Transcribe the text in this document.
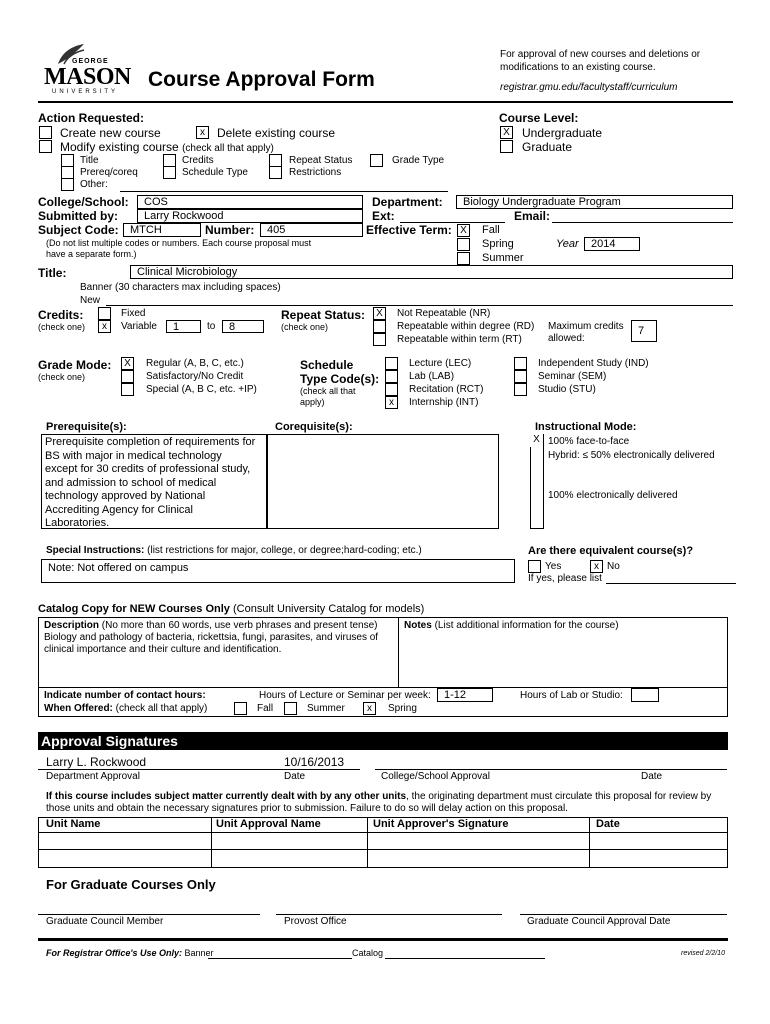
GEORGE
MASON
UNIVERSITY
Course Approval Form
For approval of new courses and deletions or
modifications to an existing course.
registrar.gmu.edu/facultystaff/curriculum
Action Requested:
Create new course	x	Delete existing course
Modify existing course (check all that apply)
Title	Credits	Repeat Status	Grade Type
Prereq/coreq	Schedule Type	Restrictions
Other:
Course Level:
X Undergraduate
Graduate
College/School:	COS
Submitted by:	Larry Rockwood
Subject Code:	MTCH	Number:	405
(Do not list multiple codes or numbers. Each course proposal must
have a separate form.)
Department:	Biology Undergraduate Program
Ext:	Email:
Effective Term: X Fall
Spring
Summer
Year	2014
Title:	Clinical Microbiology
Banner (30 characters max including spaces)
New
Credits:
(check one)
Fixed
x	Variable	1	to	8
Repeat Status:
(check one)
X	Not Repeatable (NR)
Repeatable within degree (RD)
Repeatable within term (RT)
Maximum credits
allowed:
7
Grade Mode:
(check one)
X	Regular (A, B, C, etc.)
Satisfactory/No Credit
Special (A, B C, etc. +IP)
Schedule
Type Code(s):
(check all that
apply)
Lecture (LEC)
Lab (LAB)
Recitation (RCT)
x	Internship (INT)
Independent Study (IND)
Seminar (SEM)
Studio (STU)
Prerequisite(s):	Corequisite(s):
Prerequisite completion of requirements for
BS with major in medical technology
except for 30 credits of professional study,
and admission to school of medical
technology approved by National
Accrediting Agency for Clinical
Laboratories.
Instructional Mode:
X 100% face-to-face
Hybrid: ≤ 50% electronically delivered
100% electronically delivered
Special Instructions: (list restrictions for major, college, or degree;hard-coding; etc.)
Note: Not offered on campus
Are there equivalent course(s)?
Yes	x No
If yes, please list
Catalog Copy for NEW Courses Only (Consult University Catalog for models)
Description (No more than 60 words, use verb phrases and present tense)
Biology and pathology of bacteria, rickettsia, fungi, parasites, and viruses of
clinical importance and their culture and identification.
Notes (List additional information for the course)
Indicate number of contact hours:	Hours of Lecture or Seminar per week:	1-12	Hours of Lab or Studio:
When Offered: (check all that apply)	Fall	Summer	x	Spring
Approval Signatures
Larry L. Rockwood	10/16/2013
Department Approval	Date	College/School Approval	Date
If this course includes subject matter currently dealt with by any other units, the originating department must circulate this proposal for review by
those units and obtain the necessary signatures prior to submission. Failure to do so will delay action on this proposal.
Unit Name	Unit Approval Name	Unit Approver's Signature	Date
For Graduate Courses Only
Graduate Council Member	Provost Office	Graduate Council Approval Date
For Registrar Office's Use Only: Banner	Catalog	revised 2/2/10
